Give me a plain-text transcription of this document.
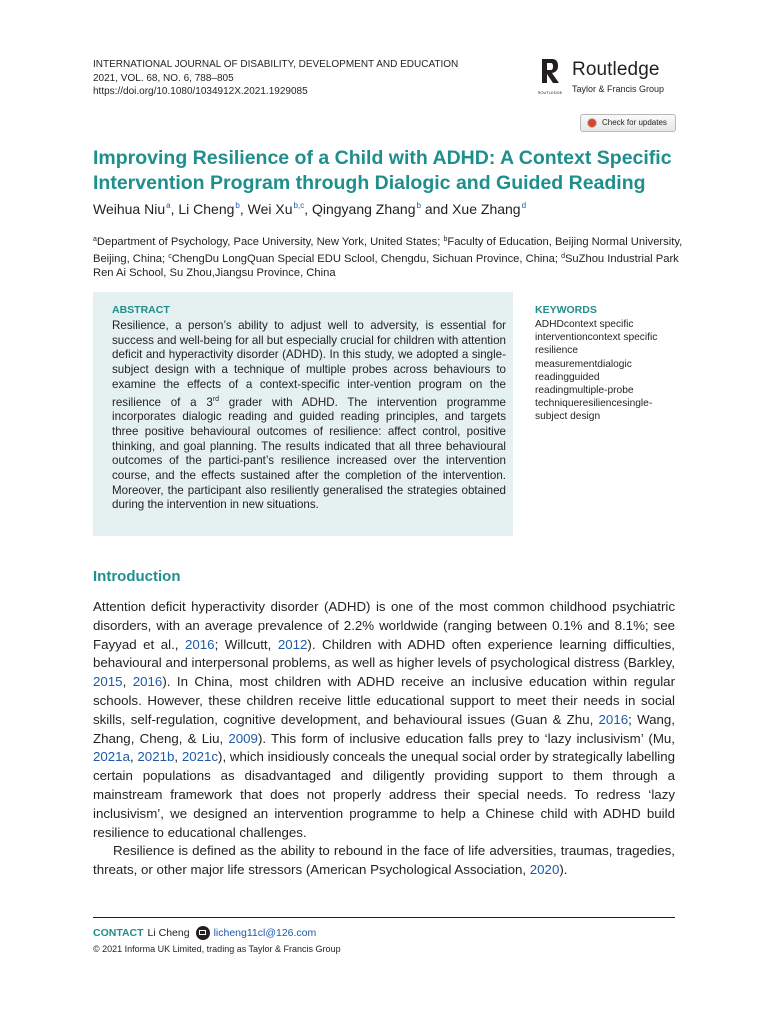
INTERNATIONAL JOURNAL OF DISABILITY, DEVELOPMENT AND EDUCATION
2021, VOL. 68, NO. 6, 788–805
https://doi.org/10.1080/1034912X.2021.1929085	ROUTLEDGE
Routledge
Taylor & Francis Group
Check for updates
Improving Resilience of a Child with ADHD: A Context Specific Intervention Program through Dialogic and Guided Reading
Weihua Niu$^a$, Li Cheng$^b$, Wei Xu$^{b,c}$, Qingyang Zhang$^b$ and Xue Zhang$^d$
$^a$Department of Psychology, Pace University, New York, United States; $^b$Faculty of Education, Beijing Normal University, Beijing, China; $^c$ChengDu LongQuan Special EDU Sclool, Chengdu, Sichuan Province, China; $^d$SuZhou Industrial Park Ren Ai School, Su Zhou,Jiangsu Province, China
ABSTRACT
Resilience, a person’s ability to adjust well to adversity, is essential for success and well-being for all but especially crucial for children with attention deficit and hyperactivity disorder (ADHD). In this study, we adopted a single-subject design with a technique of multiple probes across behaviours to examine the effects of a context-specific inter-vention program on the resilience of a 3rd grader with ADHD. The intervention programme incorporates dialogic reading and guided reading principles, and targets three positive behavioural outcomes of resilience: affect control, positive thinking, and goal planning. The results indicated that all three behavioural outcomes of the partici-pant’s resilience increased over the intervention course, and the effects sustained after the completion of the intervention. Moreover, the participant also resiliently generalised the strategies obtained during the intervention in new situations.
KEYWORDS
ADHDcontext specific
interventioncontext specific
resilience
measurementdialogic
readingguided
readingmultiple-probe
techniqueresiliencesingle-
subject design
Introduction

Attention deficit hyperactivity disorder (ADHD) is one of the most common childhood psychiatric disorders, with an average prevalence of 2.2% worldwide (ranging between 0.1% and 8.1%; see Fayyad et al., 2016; Willcutt, 2012). Children with ADHD often experience learning difficulties, behavioural and interpersonal problems, as well as higher levels of psychological distress (Barkley, 2015, 2016). In China, most children with ADHD receive an inclusive education within regular schools. However, these children receive little educational support to meet their needs in social skills, self-regulation, cognitive development, and behavioural issues (Guan & Zhu, 2016; Wang, Zhang, Cheng, & Liu, 2009). This form of inclusive education falls prey to ‘lazy inclusivism’ (Mu, 2021a, 2021b, 2021c), which insidiously conceals the unequal social order by strategically labelling certain populations as disadvantaged and diligently providing support to them through a mainstream framework that does not properly address their special needs. To redress ‘lazy inclusivism’, we designed an intervention programme to help a Chinese child with ADHD build resilience to educational challenges.

Resilience is defined as the ability to rebound in the face of life adversities, traumas, tragedies, threats, or other major life stressors (American Psychological Association, 2020).

CONTACT Li Cheng licheng11cl@126.com
© 2021 Informa UK Limited, trading as Taylor & Francis Group
